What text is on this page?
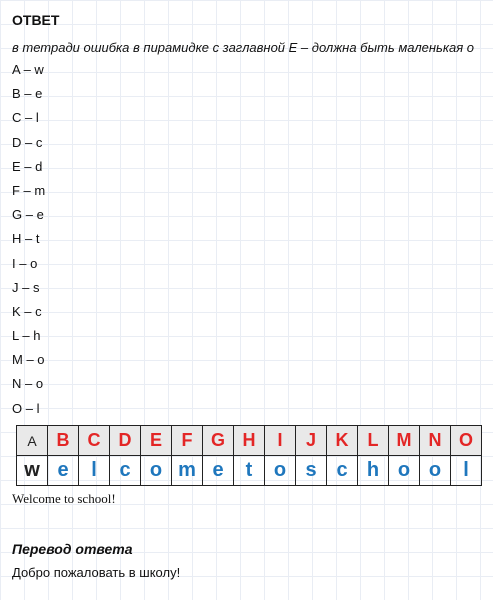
ОТВЕТ
в тетради ошибка в пирамидке с заглавной E – должна быть маленькая о
A – w
B – e
C – l
D – c
E – d
F – m
G – e
H – t
I – o
J – s
K – c
L – h
M – o
N – o
O – l
A	B	C	D	E	F	G	H	I	J	K	L	M	N	O
w	e	l	c	o	m	e	t	o	s	c	h	o	o	l
Welcome to school!
Перевод ответа
Добро пожаловать в школу!
